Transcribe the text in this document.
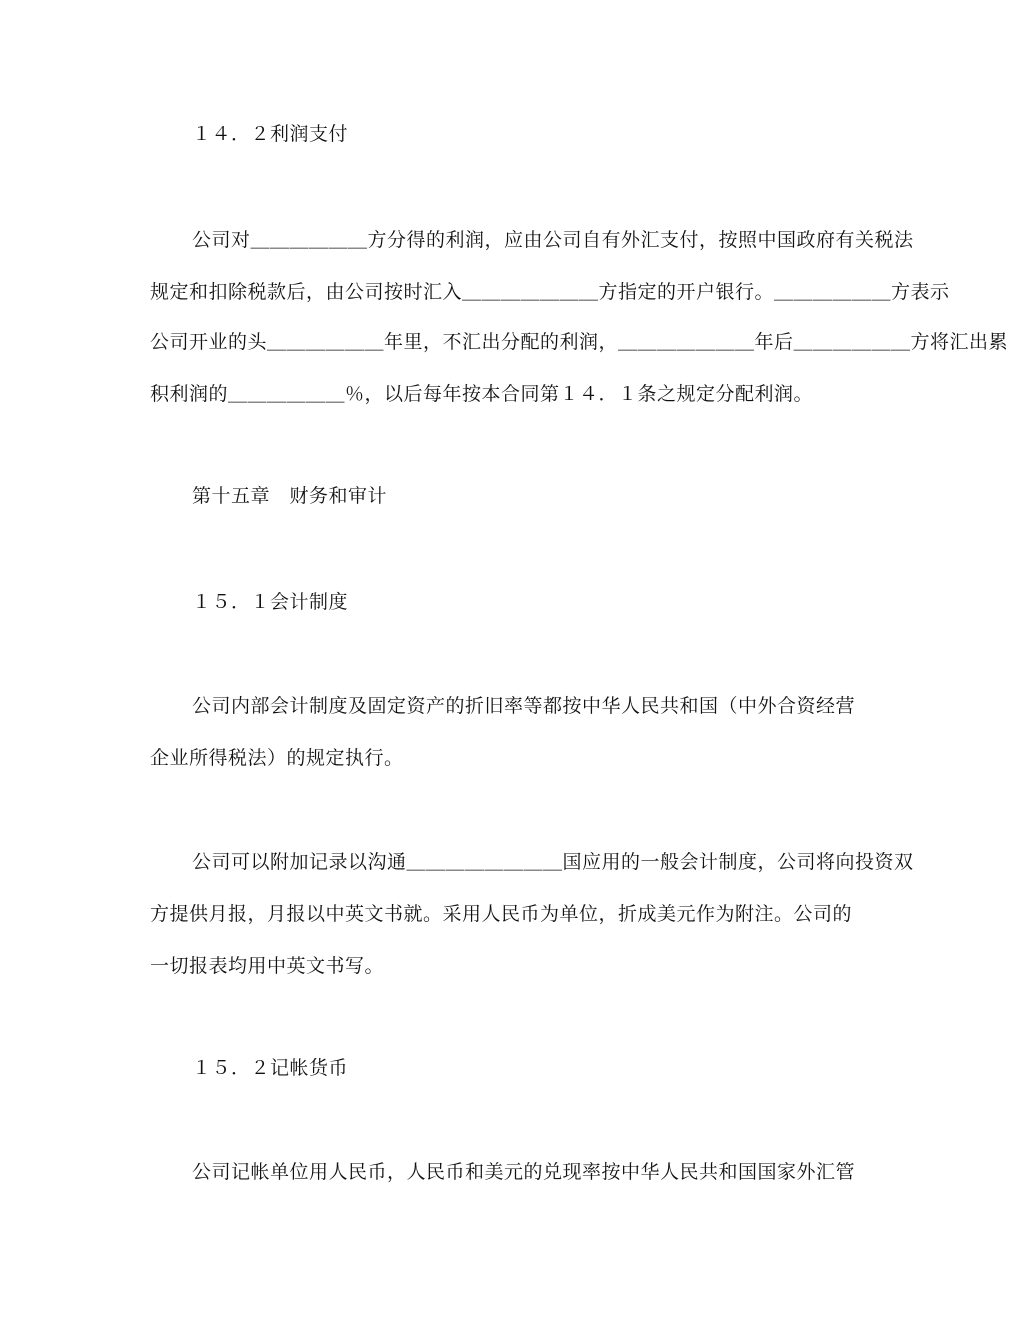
１４．２利润支付
公司对＿＿＿＿＿＿方分得的利润，应由公司自有外汇支付，按照中国政府有关税法
规定和扣除税款后，由公司按时汇入＿＿＿＿＿＿＿方指定的开户银行。＿＿＿＿＿＿方表示
公司开业的头＿＿＿＿＿＿年里，不汇出分配的利润，＿＿＿＿＿＿＿年后＿＿＿＿＿＿方将汇出累
积利润的＿＿＿＿＿＿％，以后每年按本合同第１４．１条之规定分配利润。
第十五章　财务和审计
１５．１会计制度
公司内部会计制度及固定资产的折旧率等都按中华人民共和国（中外合资经营
企业所得税法）的规定执行。
公司可以附加记录以沟通＿＿＿＿＿＿＿＿国应用的一般会计制度，公司将向投资双
方提供月报，月报以中英文书就。采用人民币为单位，折成美元作为附注。公司的
一切报表均用中英文书写。
１５．２记帐货币
公司记帐单位用人民币，人民币和美元的兑现率按中华人民共和国国家外汇管
